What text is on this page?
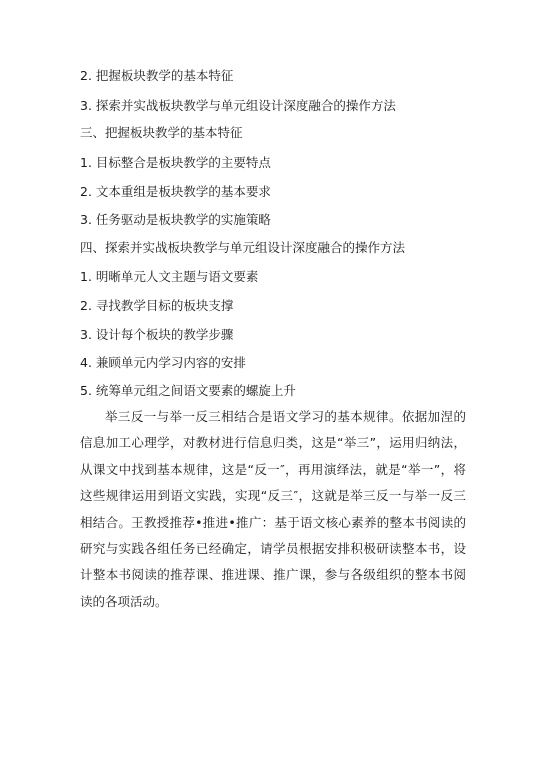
2. 把握板块教学的基本特征
3. 探索并实战板块教学与单元组设计深度融合的操作方法
三、把握板块教学的基本特征
1. 目标整合是板块教学的主要特点
2. 文本重组是板块教学的基本要求
3. 任务驱动是板块教学的实施策略
四、探索并实战板块教学与单元组设计深度融合的操作方法
1. 明晰单元人文主题与语文要素
2. 寻找教学目标的板块支撑
3. 设计每个板块的教学步骤
4. 兼顾单元内学习内容的安排
5. 统筹单元组之间语文要素的螺旋上升

举三反一与举一反三相结合是语文学习的基本规律。依据加涅的信息加工心理学，对教材进行信息归类，这是“举三”，运用归纳法，从课文中找到基本规律，这是“反一″，再用演绎法，就是“举一”，将这些规律运用到语文实践，实现“反三″，这就是举三反一与举一反三相结合。王教授推荐•推进•推广：基于语文核心素养的整本书阅读的研究与实践各组任务已经确定，请学员根据安排积极研读整本书，设计整本书阅读的推荐课、推进课、推广课，参与各级组织的整本书阅读的各项活动。
